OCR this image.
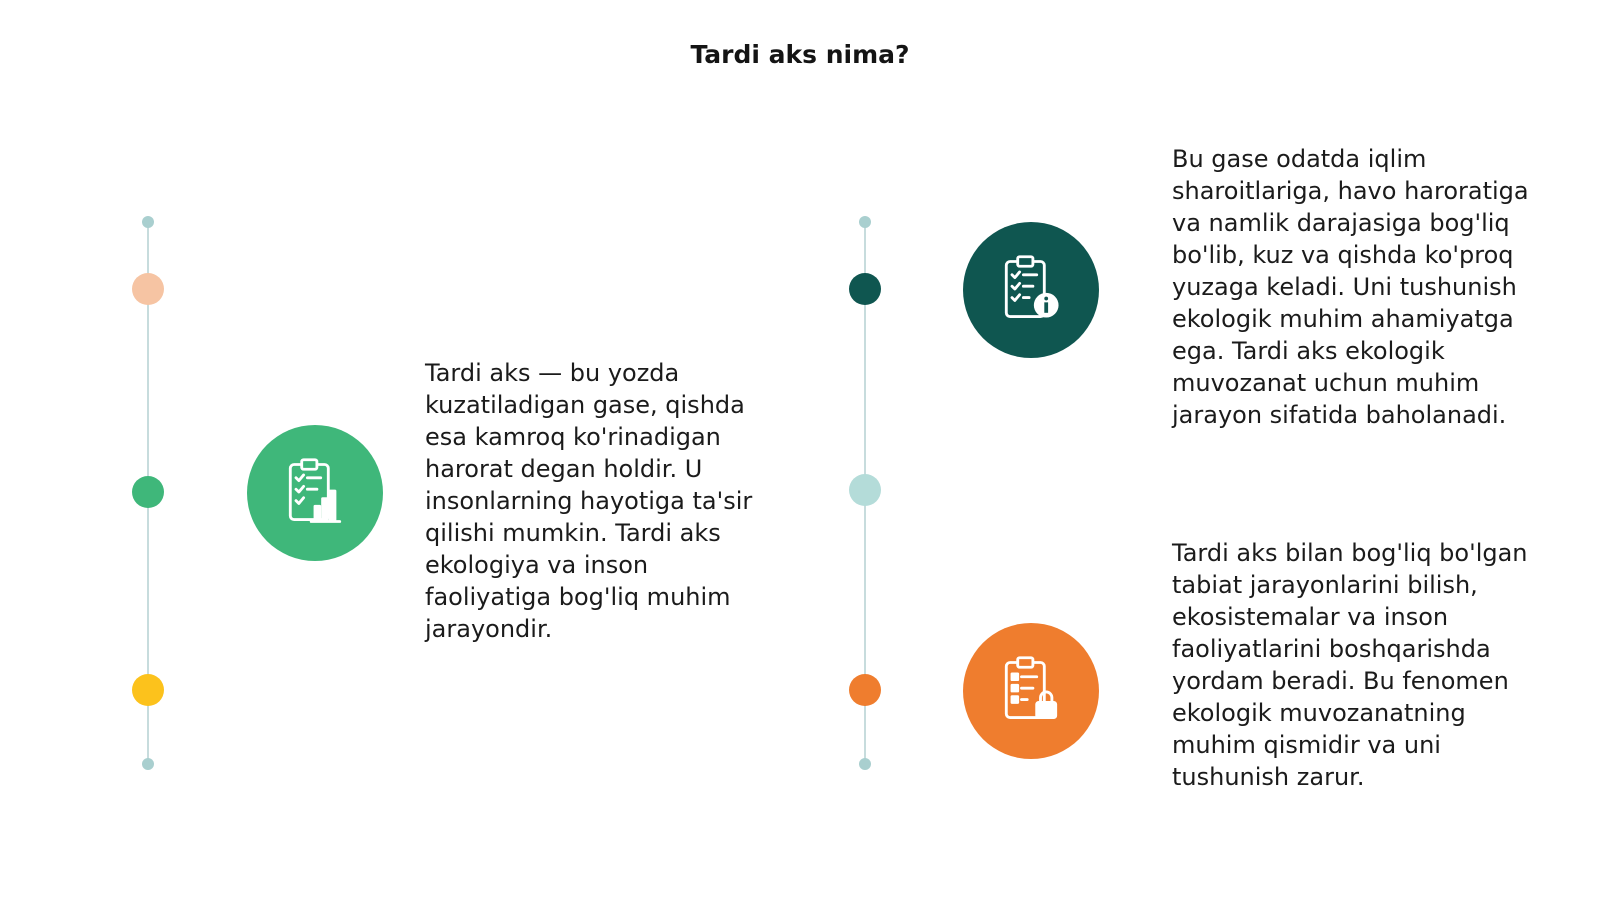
Tardi aks nima?
Tardi aks — bu yozda kuzatiladigan gase, qishda esa kamroq ko'rinadigan harorat degan holdir. U insonlarning hayotiga ta'sir qilishi mumkin. Tardi aks ekologiya va inson faoliyatiga bog'liq muhim jarayondir.
Bu gase odatda iqlim sharoitlariga, havo haroratiga va namlik darajasiga bog'liq bo'lib, kuz va qishda ko'proq yuzaga keladi. Uni tushunish ekologik muhim ahamiyatga ega. Tardi aks ekologik muvozanat uchun muhim jarayon sifatida baholanadi.
Tardi aks bilan bog'liq bo'lgan tabiat jarayonlarini bilish, ekosistemalar va inson faoliyatlarini boshqarishda yordam beradi. Bu fenomen ekologik muvozanatning muhim qismidir va uni tushunish zarur.
